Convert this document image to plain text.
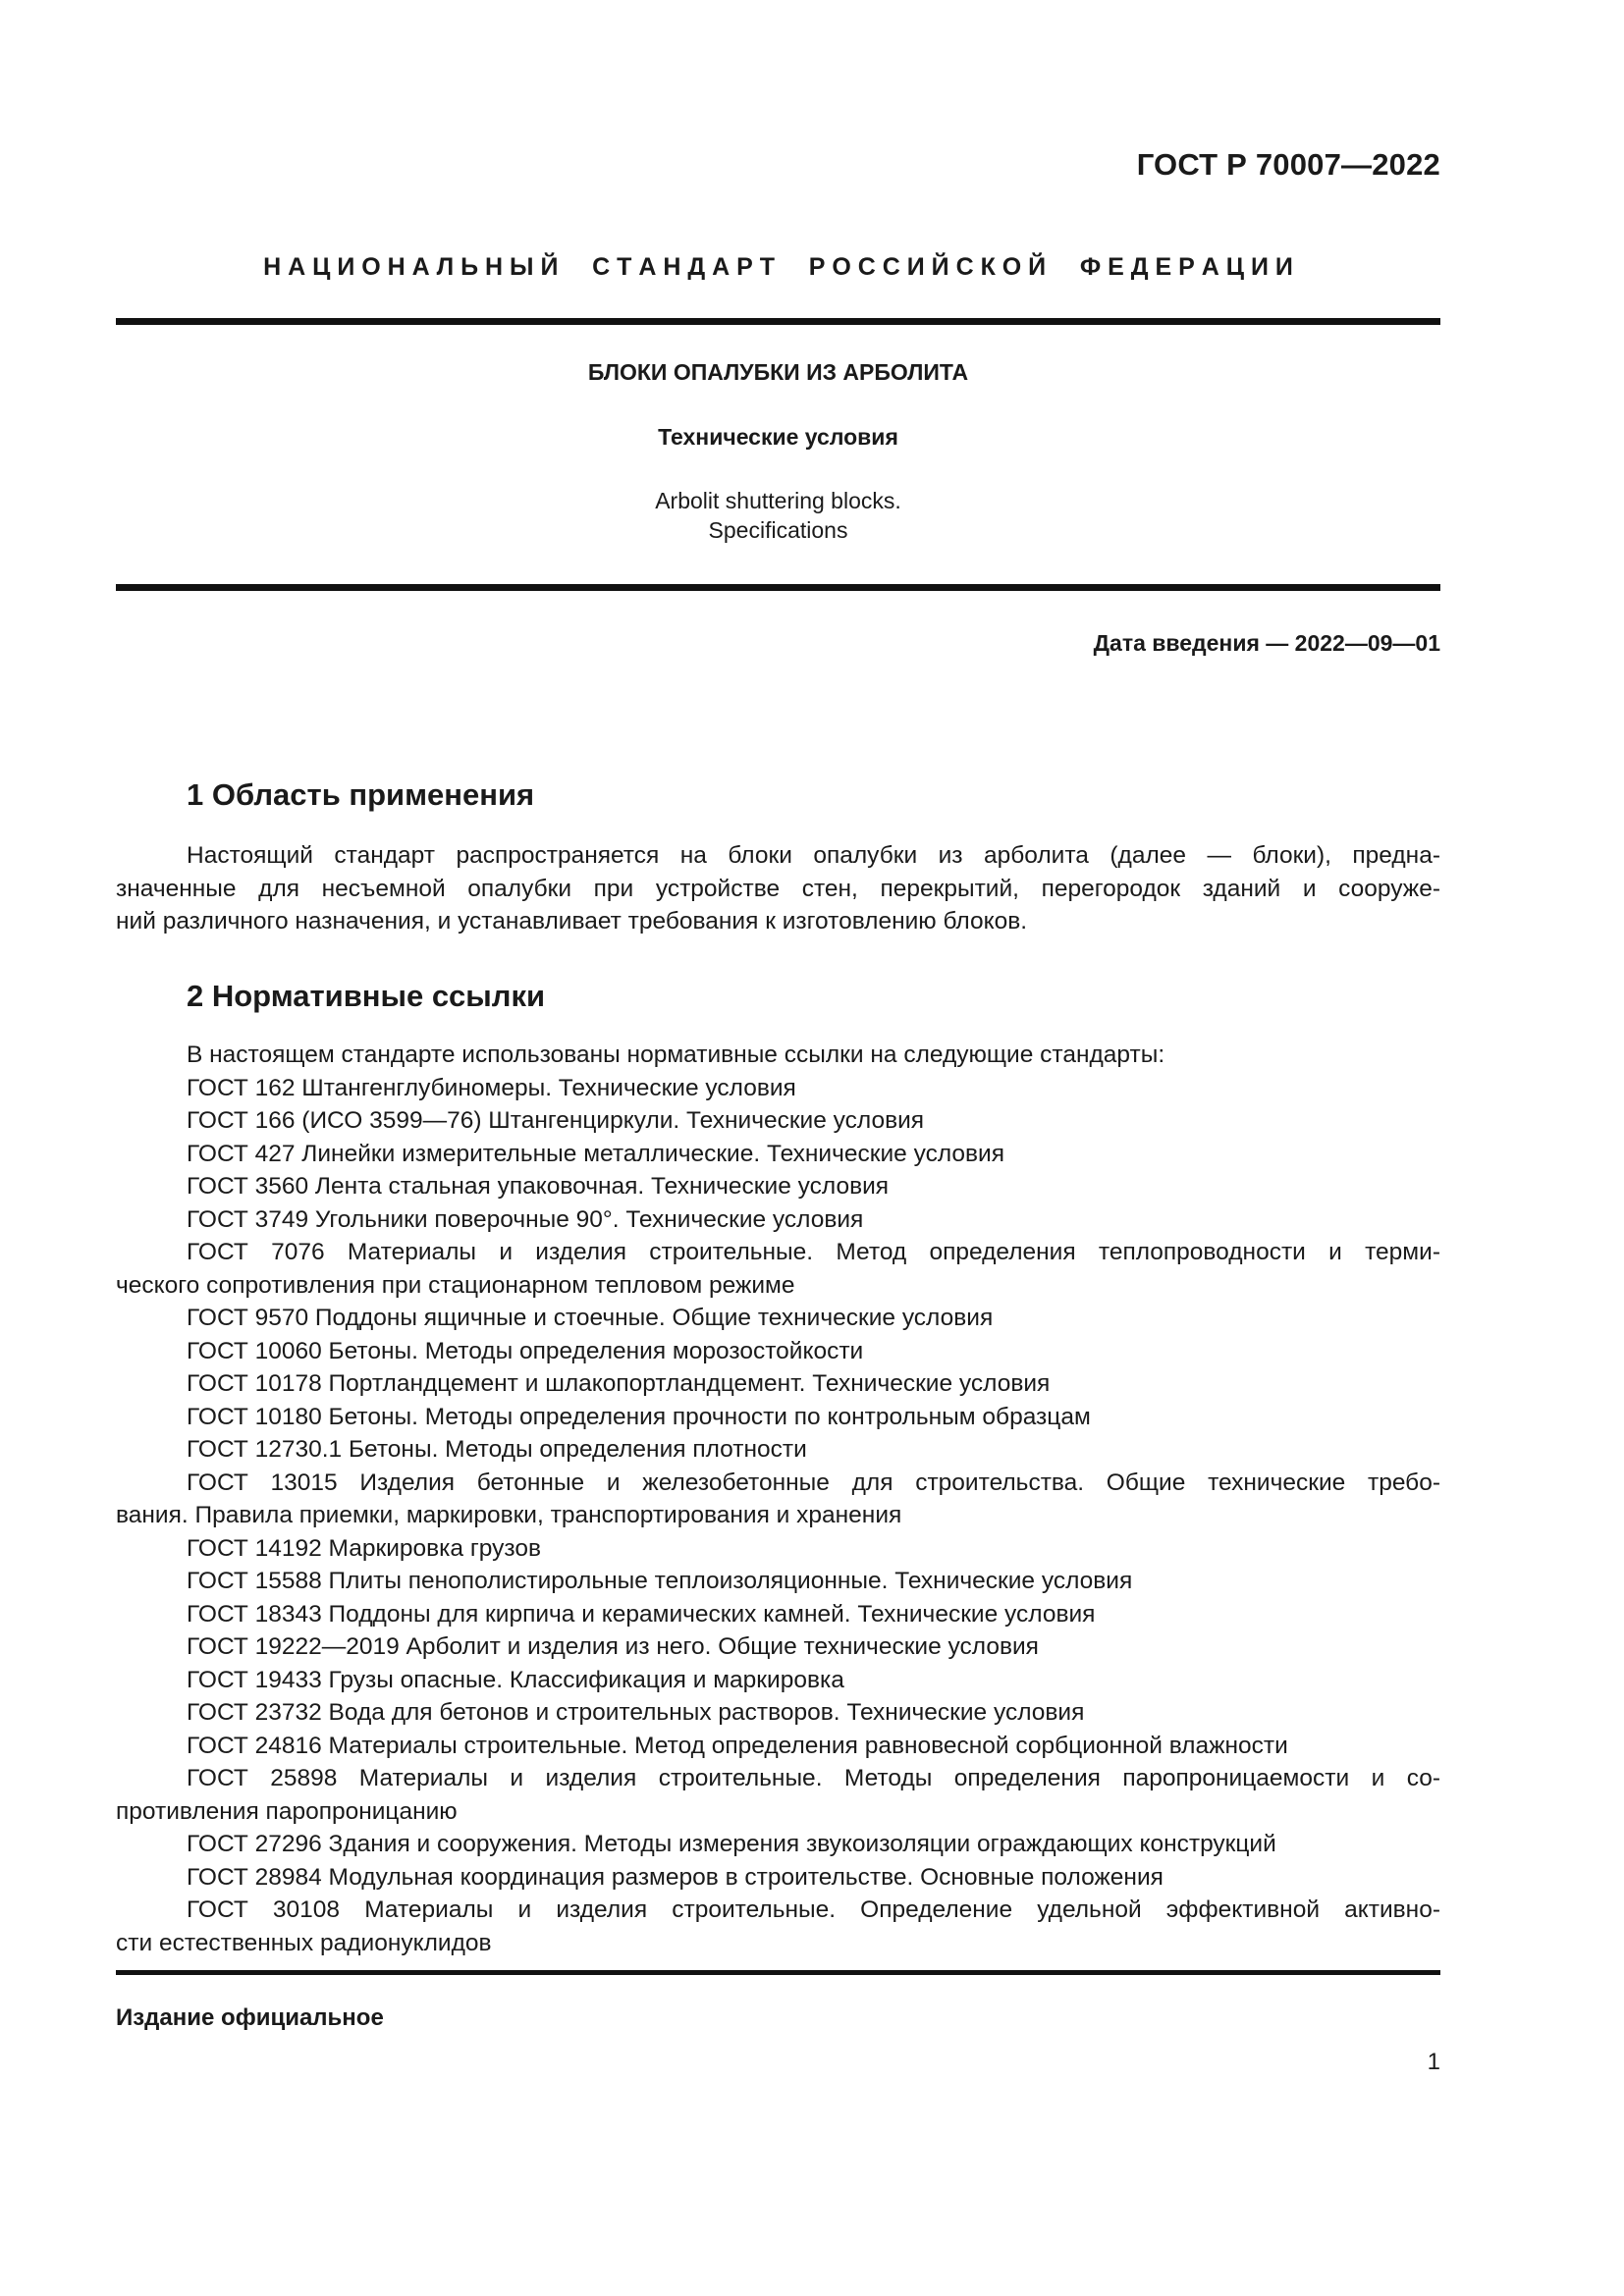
ГОСТ Р 70007—2022
Н А Ц И О Н А Л Ь Н Ы Й     С Т А Н Д А Р Т     Р О С С И Й С К О Й     Ф Е Д Е Р А Ц И И
БЛОКИ ОПАЛУБКИ ИЗ АРБОЛИТА
Технические условия
Arbolit shuttering blocks.
Specifications
Дата введения — 2022—09—01
1 Область применения

Настоящий стандарт распространяется на блоки опалубки из арболита (далее — блоки), предна-

значенные для несъемной опалубки при устройстве стен, перекрытий, перегородок зданий и сооруже-

ний различного назначения, и устанавливает требования к изготовлению блоков.

2 Нормативные ссылки

В настоящем стандарте использованы нормативные ссылки на следующие стандарты:

ГОСТ 162 Штангенглубиномеры. Технические условия

ГОСТ 166 (ИСО 3599—76) Штангенциркули. Технические условия

ГОСТ 427 Линейки измерительные металлические. Технические условия

ГОСТ 3560 Лента стальная упаковочная. Технические условия

ГОСТ 3749 Угольники поверочные 90°. Технические условия

ГОСТ 7076 Материалы и изделия строительные. Метод определения теплопроводности и терми-

ческого сопротивления при стационарном тепловом режиме

ГОСТ 9570 Поддоны ящичные и стоечные. Общие технические условия

ГОСТ 10060 Бетоны. Методы определения морозостойкости

ГОСТ 10178 Портландцемент и шлакопортландцемент. Технические условия

ГОСТ 10180 Бетоны. Методы определения прочности по контрольным образцам

ГОСТ 12730.1 Бетоны. Методы определения плотности

ГОСТ 13015 Изделия бетонные и железобетонные для строительства. Общие технические требо-

вания. Правила приемки, маркировки, транспортирования и хранения

ГОСТ 14192 Маркировка грузов

ГОСТ 15588 Плиты пенополистирольные теплоизоляционные. Технические условия

ГОСТ 18343 Поддоны для кирпича и керамических камней. Технические условия

ГОСТ 19222—2019 Арболит и изделия из него. Общие технические условия

ГОСТ 19433 Грузы опасные. Классификация и маркировка

ГОСТ 23732 Вода для бетонов и строительных растворов. Технические условия

ГОСТ 24816 Материалы строительные. Метод определения равновесной сорбционной влажности

ГОСТ 25898 Материалы и изделия строительные. Методы определения паропроницаемости и со-

противления паропроницанию

ГОСТ 27296 Здания и сооружения. Методы измерения звукоизоляции ограждающих конструкций

ГОСТ 28984 Модульная координация размеров в строительстве. Основные положения

ГОСТ 30108 Материалы и изделия строительные. Определение удельной эффективной активно-

сти естественных радионуклидов

Издание официальное
1
